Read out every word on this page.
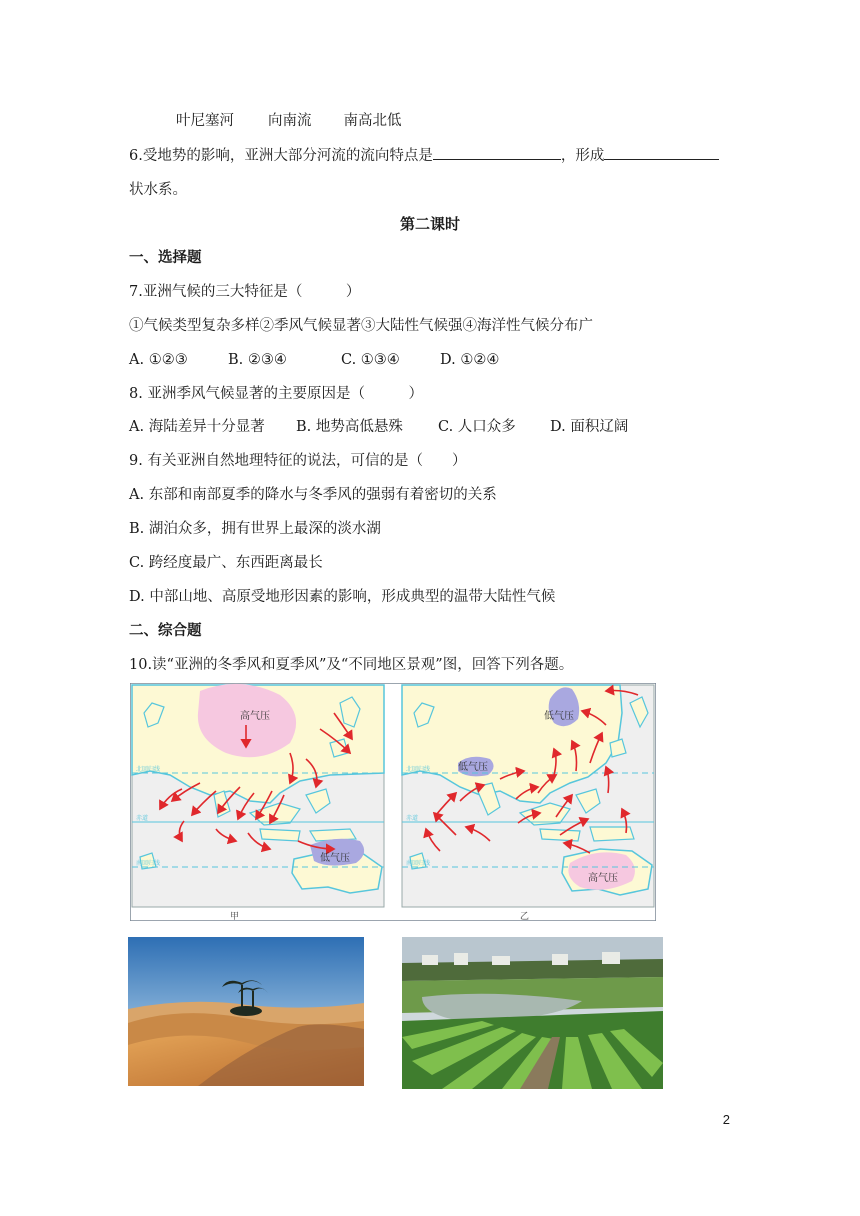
叶尼塞河 向南流 南高北低
6.受地势的影响，亚洲大部分河流的流向特点是	，形成
状水系。
第二课时
一、选择题
7.亚洲气候的三大特征是（　　　）
①气候类型复杂多样②季风气候显著③大陆性气候强④海洋性气候分布广
A. ①②③	B. ②③④	C. ①③④	D. ①②④
8. 亚洲季风气候显著的主要原因是（　　　）
A. 海陆差异十分显著 B. 地势高低悬殊 C. 人口众多 D. 面积辽阔
9. 有关亚洲自然地理特征的说法，可信的是（　　）
A. 东部和南部夏季的降水与冬季风的强弱有着密切的关系
B. 湖泊众多，拥有世界上最深的淡水湖
C. 跨经度最广、东西距离最长
D. 中部山地、高原受地形因素的影响，形成典型的温带大陆性气候
二、综合题
10.读“亚洲的冬季风和夏季风”及“不同地区景观”图，回答下列各题。
高气压
低气压
北回归线
赤道
南回归线
低气压
低气压
高气压
北回归线
赤道
南回归线
甲	乙
2
